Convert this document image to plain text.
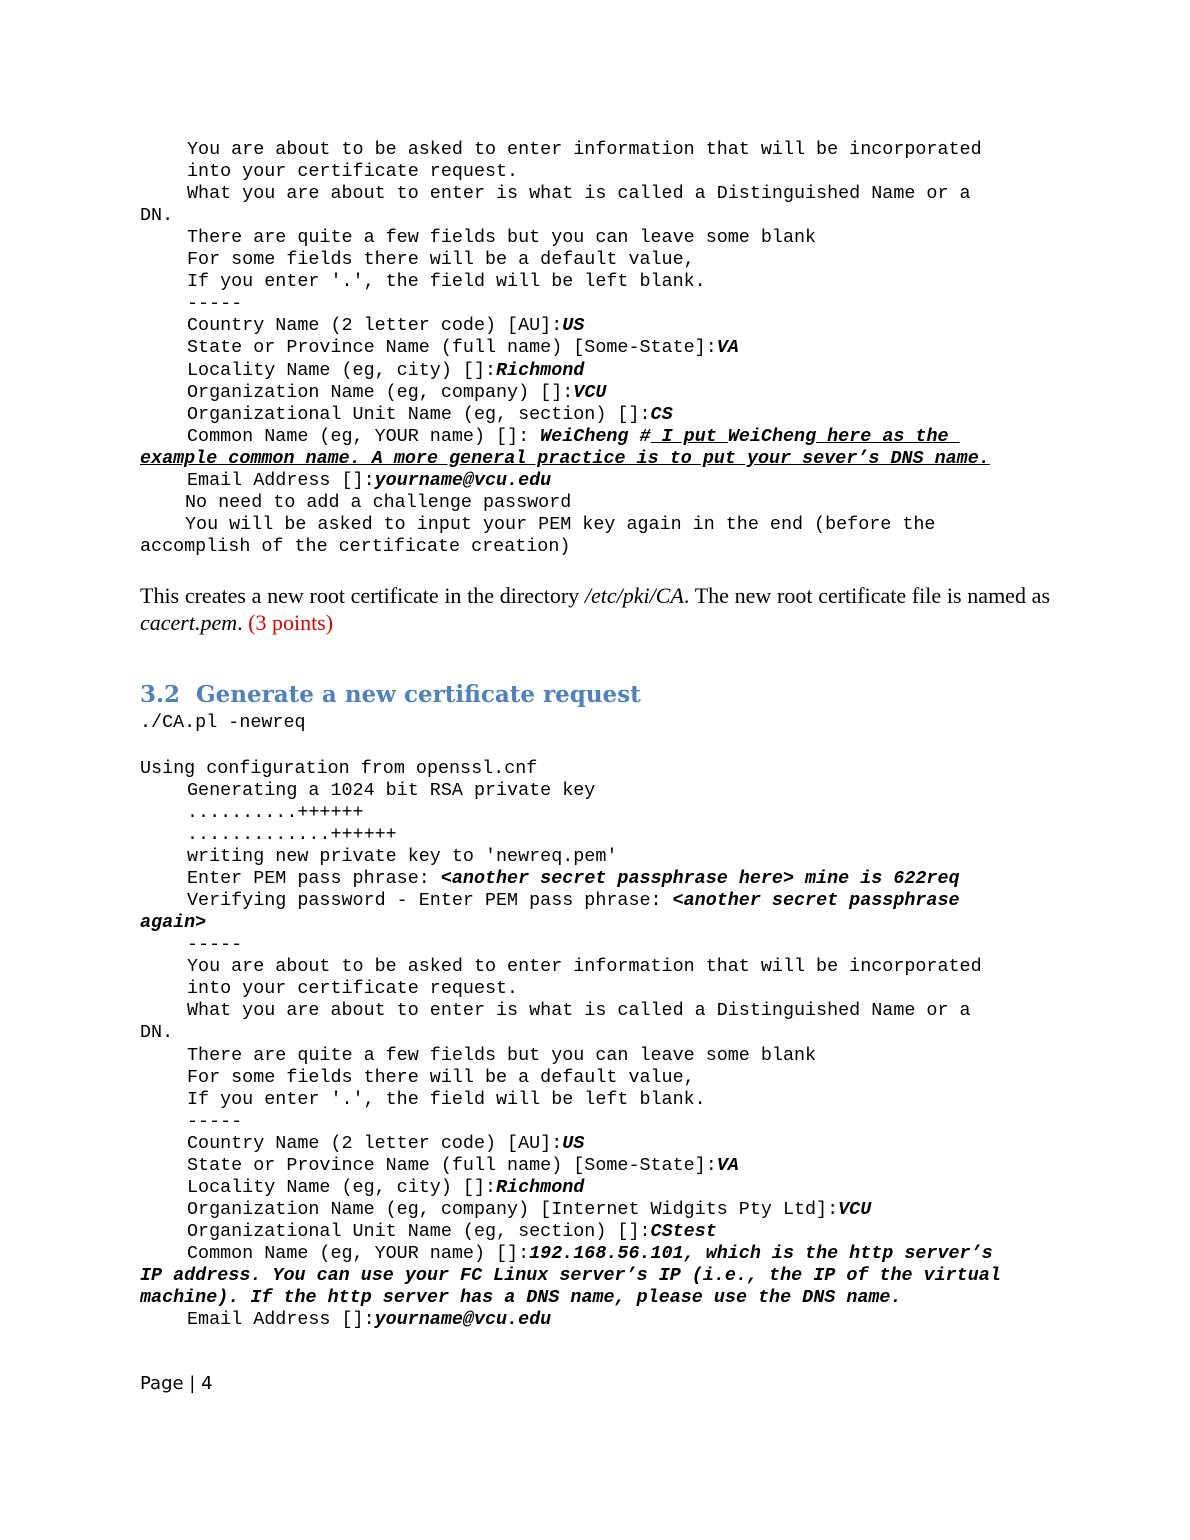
You are about to be asked to enter information that will be incorporated
into your certificate request.
What you are about to enter is what is called a Distinguished Name or a
DN.
There are quite a few fields but you can leave some blank
For some fields there will be a default value,
If you enter '.', the field will be left blank.
-----
Country Name (2 letter code) [AU]:US
State or Province Name (full name) [Some-State]:VA
Locality Name (eg, city) []:Richmond
Organization Name (eg, company) []:VCU
Organizational Unit Name (eg, section) []:CS
Common Name (eg, YOUR name) []: WeiCheng # I put WeiCheng here as the
example common name. A more general practice is to put your sever’s DNS name.
Email Address []:yourname@vcu.edu
No need to add a challenge password
You will be asked to input your PEM key again in the end (before the
accomplish of the certificate creation)

This creates a new root certificate in the directory /etc/pki/CA. The new root certificate file is named as cacert.pem. (3 points)

3.2 Generate a new certificate request
./CA.pl -newreq
Using configuration from openssl.cnf
Generating a 1024 bit RSA private key
..........++++++
.............++++++
writing new private key to 'newreq.pem'
Enter PEM pass phrase: <another secret passphrase here> mine is 622req
Verifying password - Enter PEM pass phrase: <another secret passphrase
again>
-----
You are about to be asked to enter information that will be incorporated
into your certificate request.
What you are about to enter is what is called a Distinguished Name or a
DN.
There are quite a few fields but you can leave some blank
For some fields there will be a default value,
If you enter '.', the field will be left blank.
-----
Country Name (2 letter code) [AU]:US
State or Province Name (full name) [Some-State]:VA
Locality Name (eg, city) []:Richmond
Organization Name (eg, company) [Internet Widgits Pty Ltd]:VCU
Organizational Unit Name (eg, section) []:CStest
Common Name (eg, YOUR name) []:192.168.56.101, which is the http server’s
IP address. You can use your FC Linux server’s IP (i.e., the IP of the virtual
machine). If the http server has a DNS name, please use the DNS name.
Email Address []:yourname@vcu.edu
Page | 4
